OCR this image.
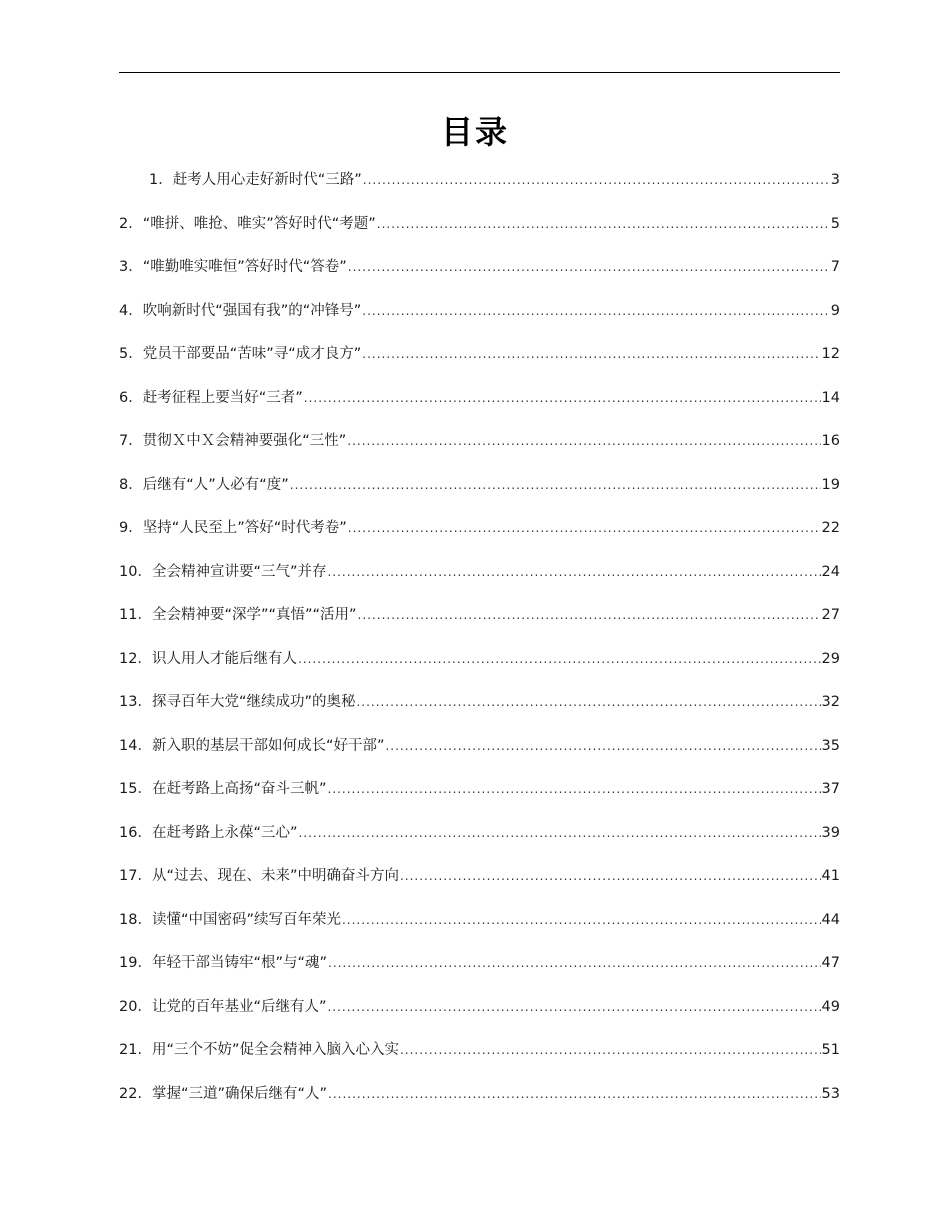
目录
1． 赶考人用心走好新时代“三路” .....	3
2． “唯拼、唯抢、唯实”答好时代“考题” .....	5
3． “唯勤唯实唯恒”答好时代“答卷” .....	7
4． 吹响新时代“强国有我”的“冲锋号” .....	9
5． 党员干部要品“苦味”寻“成才良方” .....	12
6． 赶考征程上要当好“三者” .....	14
7． 贯彻Ｘ中Ｘ会精神要强化“三性” .....	16
8． 后继有“人”人必有“度” .....	19
9． 坚持“人民至上”答好“时代考卷” .....	22
10． 全会精神宣讲要“三气”并存 .....	24
11． 全会精神要“深学”“真悟”“活用” .....	27
12． 识人用人才能后继有人 .....	29
13． 探寻百年大党“继续成功”的奥秘 .....	32
14． 新入职的基层干部如何成长“好干部” .....	35
15． 在赶考路上高扬“奋斗三帆” .....	37
16． 在赶考路上永葆“三心” .....	39
17． 从“过去、现在、未来”中明确奋斗方向 .....	41
18． 读懂“中国密码”续写百年荣光 .....	44
19． 年轻干部当铸牢“根”与“魂” .....	47
20． 让党的百年基业“后继有人” .....	49
21． 用“三个不妨”促全会精神入脑入心入实 .....	51
22． 掌握“三道”确保后继有“人” .....	53
